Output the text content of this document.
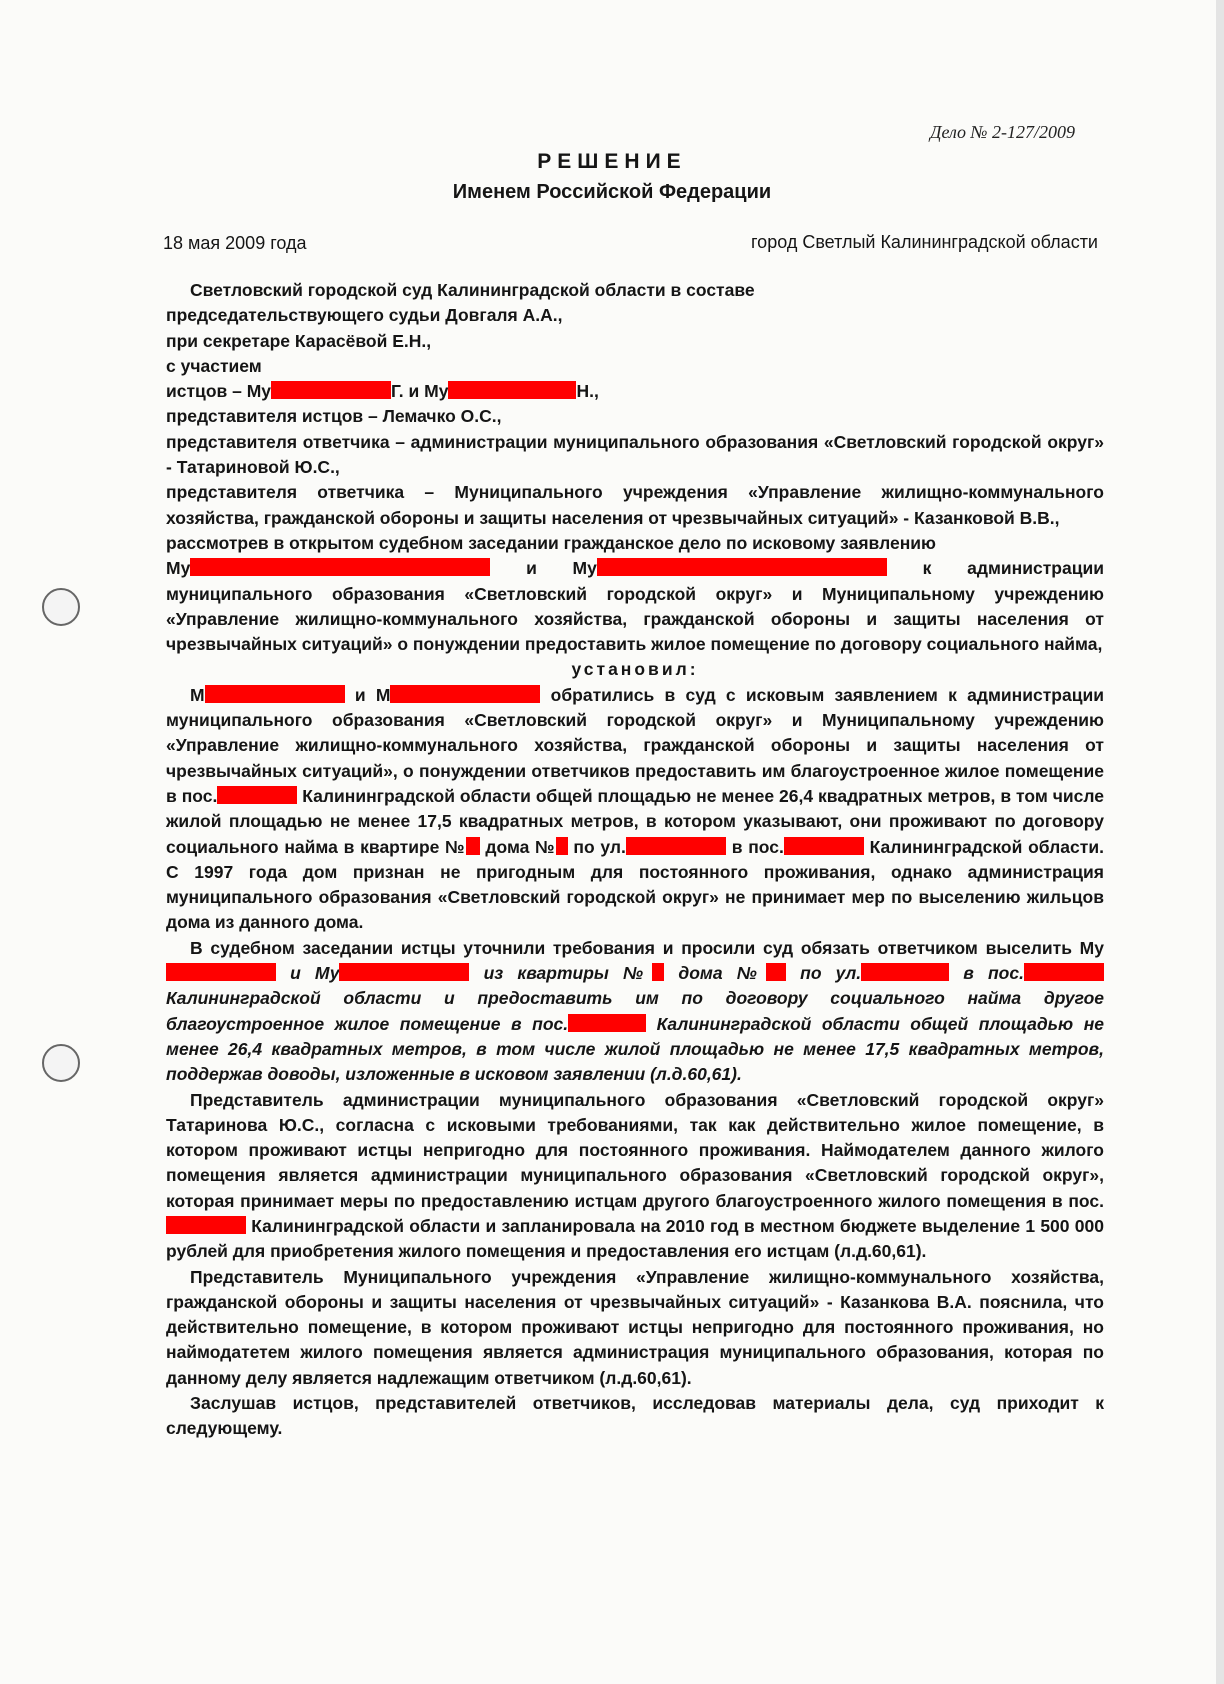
Дело № 2-127/2009
РЕШЕНИЕ
Именем Российской Федерации
18 мая 2009 года	город Светлый Калининградской области

Светловский городской суд Калининградской области в составе

председательствующего судьи Довгаля А.А.,

при секретаре Карасёвой Е.Н.,

с участием

истцов – Му	Г. и Му	Н.,

представителя истцов – Лемачко О.С.,

представителя ответчика – администрации муниципального образования «Светловский городской округ» - Татариновой Ю.С.,

представителя ответчика – Муниципального учреждения «Управление жилищно-коммунального хозяйства, гражданской обороны и защиты населения от чрезвычайных ситуаций» - Казанковой В.В.,

рассмотрев в открытом судебном заседании гражданское дело по исковому заявлению

Му	и Му	к администрации муниципального образования «Светловский городской округ» и Муниципальному учреждению «Управление жилищно-коммунального хозяйства, гражданской обороны и защиты населения от чрезвычайных ситуаций» о понуждении предоставить жилое помещение по договору социального найма,

установил:

М	и М	обратились в суд с исковым заявлением к администрации муниципального образования «Светловский городской округ» и Муниципальному учреждению «Управление жилищно-коммунального хозяйства, гражданской обороны и защиты населения от чрезвычайных ситуаций», о понуждении ответчиков предоставить им благоустроенное жилое помещение в пос.	Калининградской области общей площадью не менее 26,4 квадратных метров, в том числе жилой площадью не менее 17,5 квадратных метров, в котором указывают, они проживают по договору социального найма в квартире № дома № по ул.	в пос.	Калининградской области. С 1997 года дом признан не пригодным для постоянного проживания, однако администрация муниципального образования «Светловский городской округ» не принимает мер по выселению жильцов дома из данного дома.

В судебном заседании истцы уточнили требования и просили суд обязать ответчиком выселить Му и Му	из квартиры № дома № по ул.	в пос. Калининградской области и предоставить им по договору социального найма другое благоустроенное жилое помещение в пос.	Калининградской области общей площадью не менее 26,4 квадратных метров, в том числе жилой площадью не менее 17,5 квадратных метров, поддержав доводы, изложенные в исковом заявлении (л.д.60,61).

Представитель администрации муниципального образования «Светловский городской округ» Татаринова Ю.С., согласна с исковыми требованиями, так как действительно жилое помещение, в котором проживают истцы непригодно для постоянного проживания. Наймодателем данного жилого помещения является администрации муниципального образования «Светловский городской округ», которая принимает меры по предоставлению истцам другого благоустроенного жилого помещения в пос. Калининградской области и запланировала на 2010 год в местном бюджете выделение 1 500 000 рублей для приобретения жилого помещения и предоставления его истцам (л.д.60,61).

Представитель Муниципального учреждения «Управление жилищно-коммунального хозяйства, гражданской обороны и защиты населения от чрезвычайных ситуаций» - Казанкова В.А. пояснила, что действительно помещение, в котором проживают истцы непригодно для постоянного проживания, но наймодатетем жилого помещения является администрация муниципального образования, которая по данному делу является надлежащим ответчиком (л.д.60,61).

Заслушав истцов, представителей ответчиков, исследовав материалы дела, суд приходит к следующему.
